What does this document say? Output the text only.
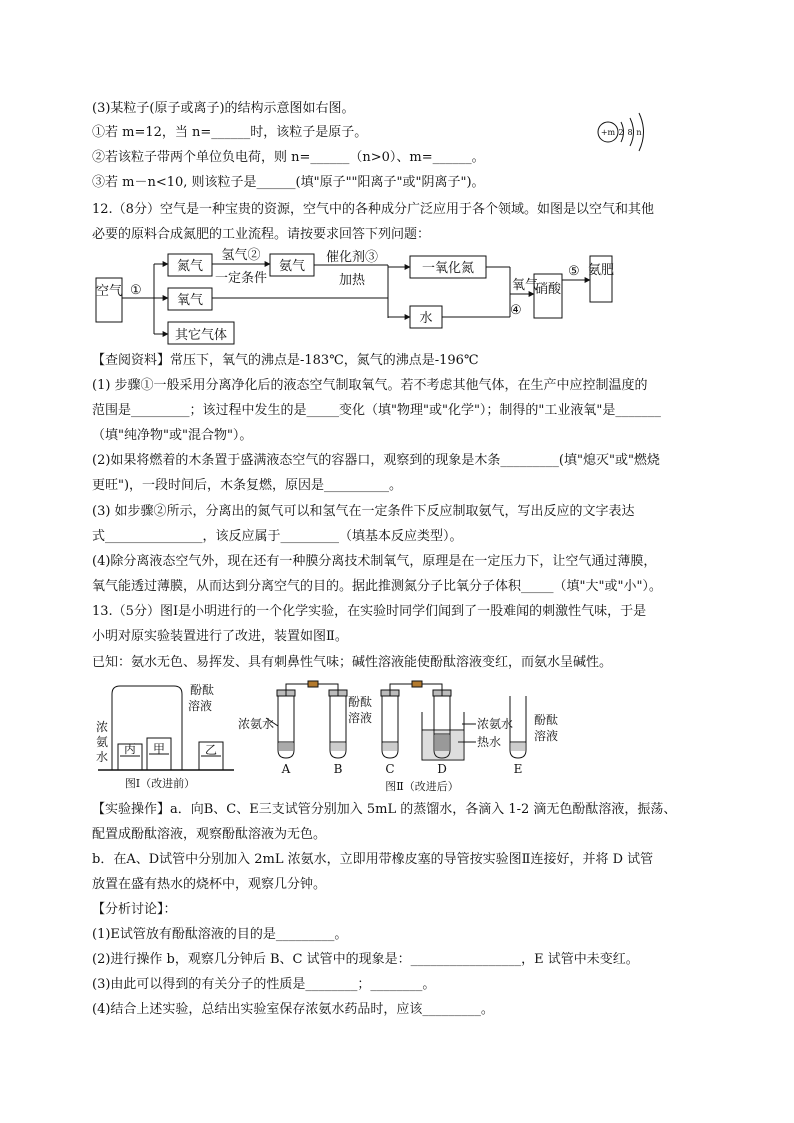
(3)某粒子(原子或离子)的结构示意图如右图。
①若 m=12，当 n=______时，该粒子是原子。
②若该粒子带两个单位负电荷，则 n=______（n>0）、m=______。
③若 m－n<10, 则该粒子是______(填"原子""阳离子"或"阴离子")。
+m 2 8 n
12.（8分）空气是一种宝贵的资源，空气中的各种成分广泛应用于各个领域。如图是以空气和其他
必要的原料合成氮肥的工业流程。请按要求回答下列问题：
空气 ①
氮气
氧气
其它气体
氢气②
一定条件
氨气
催化剂③
加热
一氧化氮
水
氧气
④
硝酸
⑤ 氨肥
【查阅资料】常压下，氧气的沸点是-183℃，氮气的沸点是-196℃
(1) 步骤①一般采用分离净化后的液态空气制取氧气。若不考虑其他气体，在生产中应控制温度的
范围是_________；该过程中发生的是_____变化（填"物理"或"化学"）；制得的"工业液氧"是_______
（填"纯净物"或"混合物"）。
(2)如果将燃着的木条置于盛满液态空气的容器口，观察到的现象是木条_________(填"熄灭"或"燃烧
更旺")，一段时间后，木条复燃，原因是__________。
(3) 如步骤②所示，分离出的氮气可以和氢气在一定条件下反应制取氨气，写出反应的文字表达
式_______________，该反应属于_________（填基本反应类型）。
(4)除分离液态空气外，现在还有一种膜分离技术制氧气，原理是在一定压力下，让空气通过薄膜，
氧气能透过薄膜，从而达到分离空气的目的。据此推测氮分子比氧分子体积_____（填"大"或"小"）。
13.（5分）图Ⅰ是小明进行的一个化学实验，在实验时同学们闻到了一股难闻的刺激性气味，于是
小明对原实验装置进行了改进，装置如图Ⅱ。
已知：氨水无色、易挥发、具有刺鼻性气味；碱性溶液能使酚酞溶液变红，而氨水呈碱性。
浓
氨
水
酚酞
溶液
丙 甲	乙
图Ⅰ（改进前）
浓氨水
酚酞
溶液	浓氨水
热水
酚酞
溶液
A	B	C	D	E
图Ⅱ（改进后）
【实验操作】a．向B、C、E三支试管分别加入 5mL 的蒸馏水，各滴入 1-2 滴无色酚酞溶液，振荡、
配置成酚酞溶液，观察酚酞溶液为无色。
b．在A、D试管中分别加入 2mL 浓氨水，立即用带橡皮塞的导管按实验图Ⅱ连接好，并将 D 试管
放置在盛有热水的烧杯中，观察几分钟。
【分析讨论】：
(1)E试管放有酚酞溶液的目的是_________。
(2)进行操作 b，观察几分钟后 B、C 试管中的现象是：_________________，E 试管中未变红。
(3)由此可以得到的有关分子的性质是________；________。
(4)结合上述实验，总结出实验室保存浓氨水药品时，应该_________。
